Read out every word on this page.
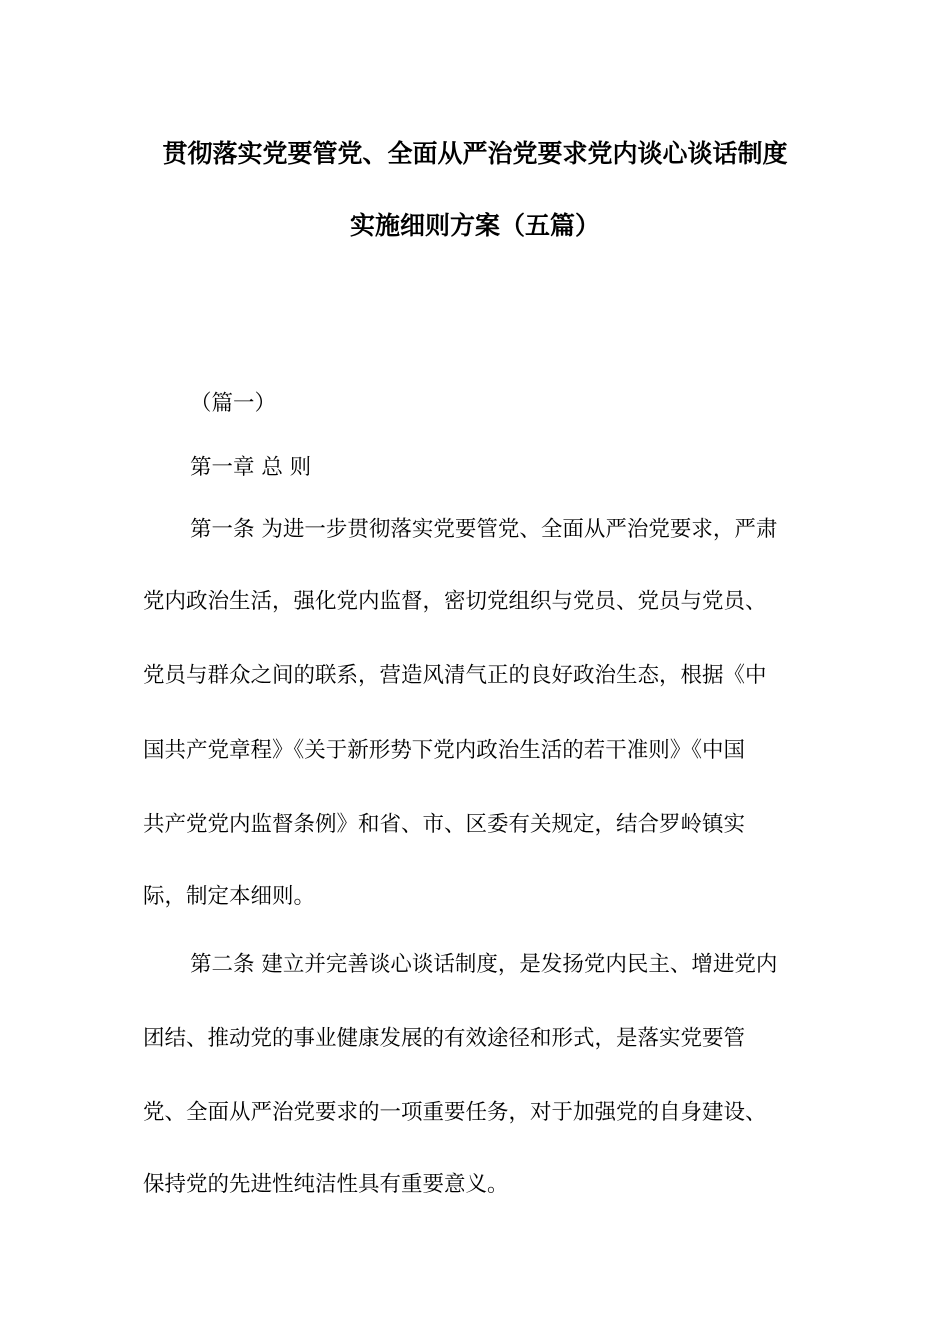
贯彻落实党要管党、全面从严治党要求党内谈心谈话制度
实施细则方案（五篇）
（篇一）
第一章 总 则
第一条 为进一步贯彻落实党要管党、全面从严治党要求，严肃
党内政治生活，强化党内监督，密切党组织与党员、党员与党员、
党员与群众之间的联系，营造风清气正的良好政治生态，根据《中
国共产党章程》《关于新形势下党内政治生活的若干准则》《中国
共产党党内监督条例》和省、市、区委有关规定，结合罗岭镇实
际，制定本细则。
第二条 建立并完善谈心谈话制度，是发扬党内民主、增进党内
团结、推动党的事业健康发展的有效途径和形式，是落实党要管
党、全面从严治党要求的一项重要任务，对于加强党的自身建设、
保持党的先进性纯洁性具有重要意义。
